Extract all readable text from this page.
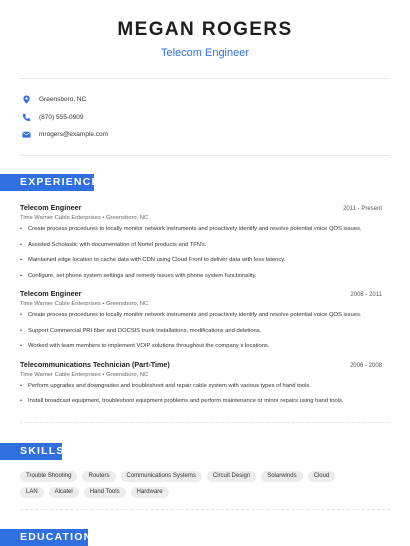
MEGAN ROGERS
Telecom Engineer
Greensboro, NC
(870) 555-0909
mrogers@example.com
EXPERIENCE
Telecom Engineer	2011 - Present
Time Warner Cable Enterprises • Greensboro, NC
• Create process procedures to locally monitor network instruments and proactively identify and resolve potential voice QOS issues.
• Assisted Scholastic with documentation of Nortel products and TFN's.
• Maintained edge location to cache data with CDN using Cloud Front to deliver data with less latency.
• Configure, set phone system settings and remedy issues with phone system functionality.
Telecom Engineer	2008 - 2011
Time Warner Cable Enterprises • Greensboro, NC
• Create process procedures to locally monitor network instruments and proactively identify and resolve potential voice QOS issues.
• Support Commercial PRI fiber and DOCSIS trunk installations, modifications and deletions.
• Worked with team members to implement VOIP solutions throughout the company s locations.
Telecommunications Technician (Part-Time)	2006 - 2008
Time Warner Cable Enterprises • Greensboro, NC
• Perform upgrades and downgrades and troubleshoot and repair cable system with various types of hand tools.
• Install broadcast equipment, troubleshoot equipment problems and perform maintenance or minor repairs using hand tools.
SKILLS
Trouble Shooting	Routers	Communications Systems	Circuit Design	Solarwinds	Cloud
LAN	Alcatel	Hand Tools	Hardware
EDUCATION
